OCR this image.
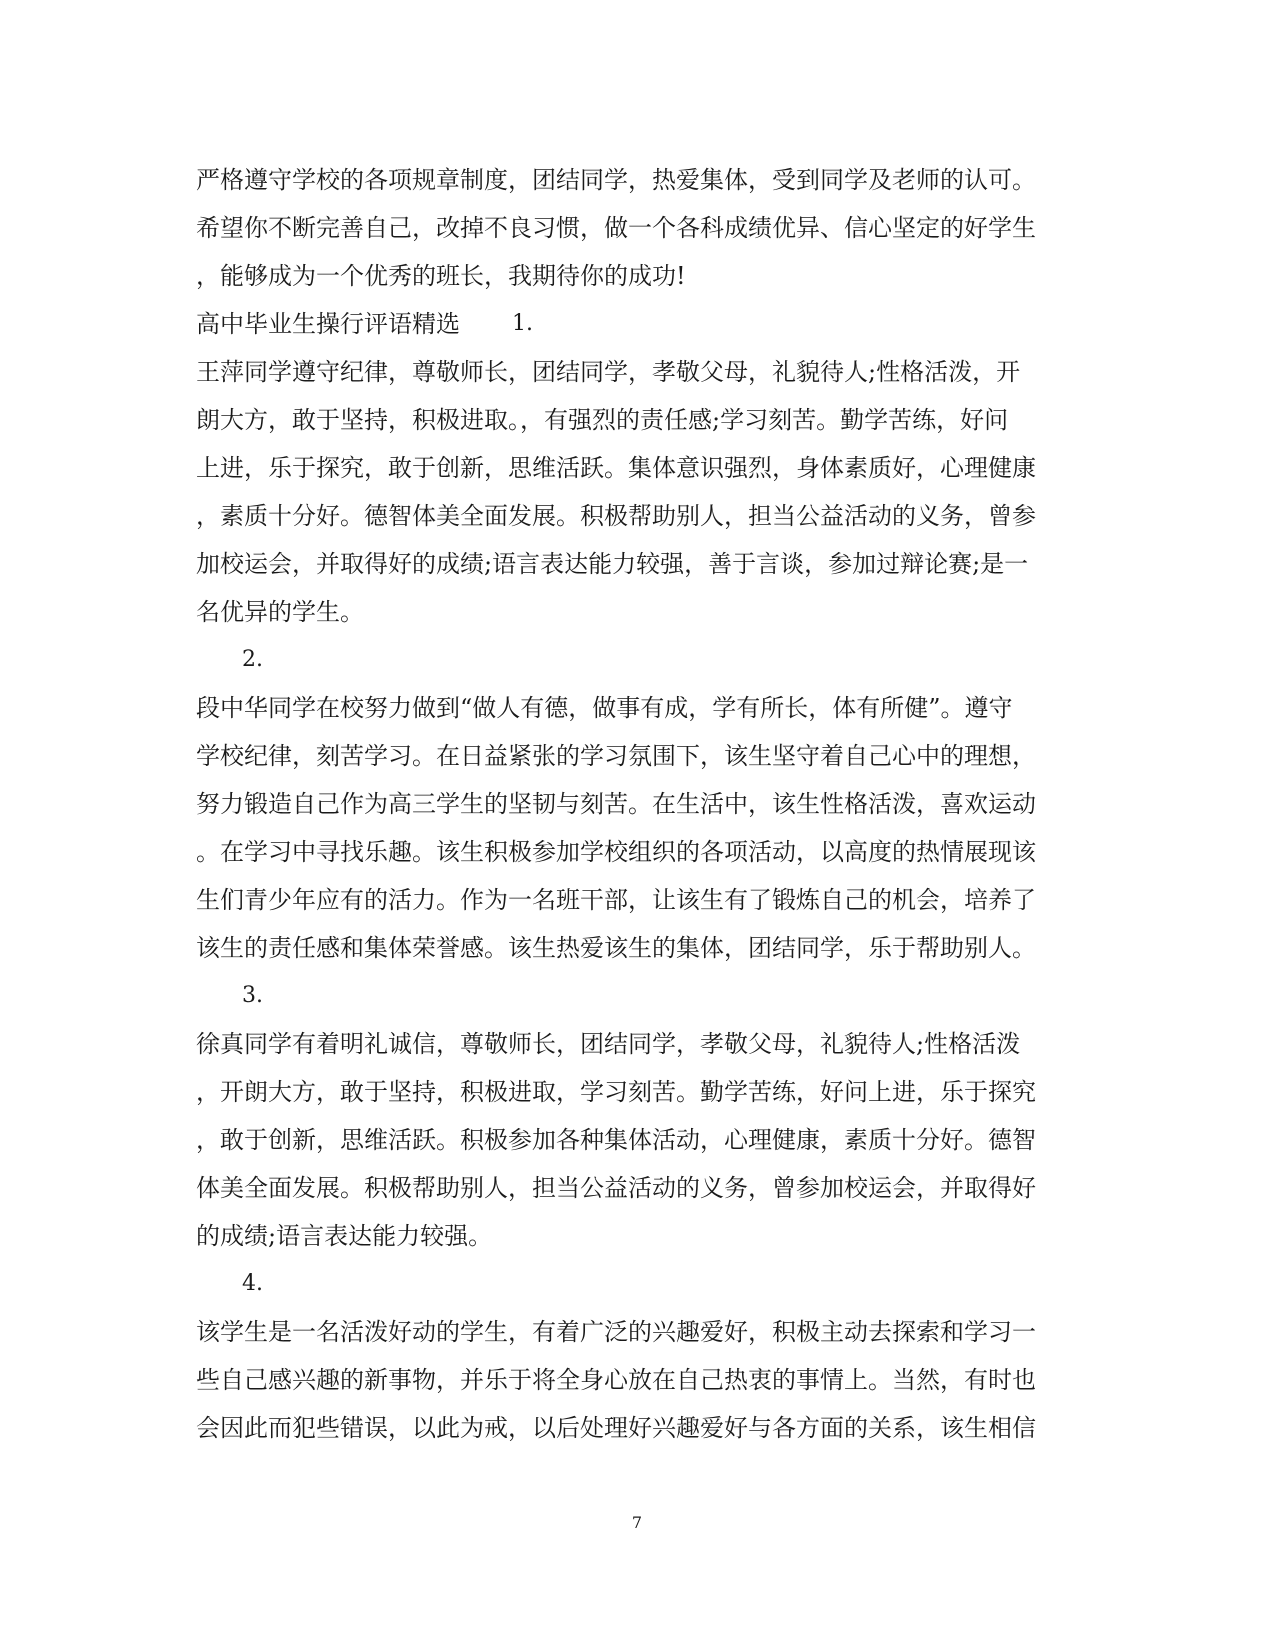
严格遵守学校的各项规章制度，团结同学，热爱集体，受到同学及老师的认可。
希望你不断完善自己，改掉不良习惯，做一个各科成绩优异、信心坚定的好学生
，能够成为一个优秀的班长，我期待你的成功!
高中毕业生操行评语精选 1.
王萍同学遵守纪律，尊敬师长，团结同学，孝敬父母，礼貌待人;性格活泼，开
朗大方，敢于坚持，积极进取。，有强烈的责任感;学习刻苦。勤学苦练，好问
上进，乐于探究，敢于创新，思维活跃。集体意识强烈，身体素质好，心理健康
，素质十分好。德智体美全面发展。积极帮助别人，担当公益活动的义务，曾参
加校运会，并取得好的成绩;语言表达能力较强，善于言谈，参加过辩论赛;是一
名优异的学生。
2.
段中华同学在校努力做到“做人有德，做事有成，学有所长，体有所健”。遵守
学校纪律，刻苦学习。在日益紧张的学习氛围下，该生坚守着自己心中的理想，
努力锻造自己作为高三学生的坚韧与刻苦。在生活中，该生性格活泼，喜欢运动
。在学习中寻找乐趣。该生积极参加学校组织的各项活动，以高度的热情展现该
生们青少年应有的活力。作为一名班干部，让该生有了锻炼自己的机会，培养了
该生的责任感和集体荣誉感。该生热爱该生的集体，团结同学，乐于帮助别人。
3.
徐真同学有着明礼诚信，尊敬师长，团结同学，孝敬父母，礼貌待人;性格活泼
，开朗大方，敢于坚持，积极进取，学习刻苦。勤学苦练，好问上进，乐于探究
，敢于创新，思维活跃。积极参加各种集体活动，心理健康，素质十分好。德智
体美全面发展。积极帮助别人，担当公益活动的义务，曾参加校运会，并取得好
的成绩;语言表达能力较强。
4.
该学生是一名活泼好动的学生，有着广泛的兴趣爱好，积极主动去探索和学习一
些自己感兴趣的新事物，并乐于将全身心放在自己热衷的事情上。当然，有时也
会因此而犯些错误，以此为戒，以后处理好兴趣爱好与各方面的关系，该生相信
7
